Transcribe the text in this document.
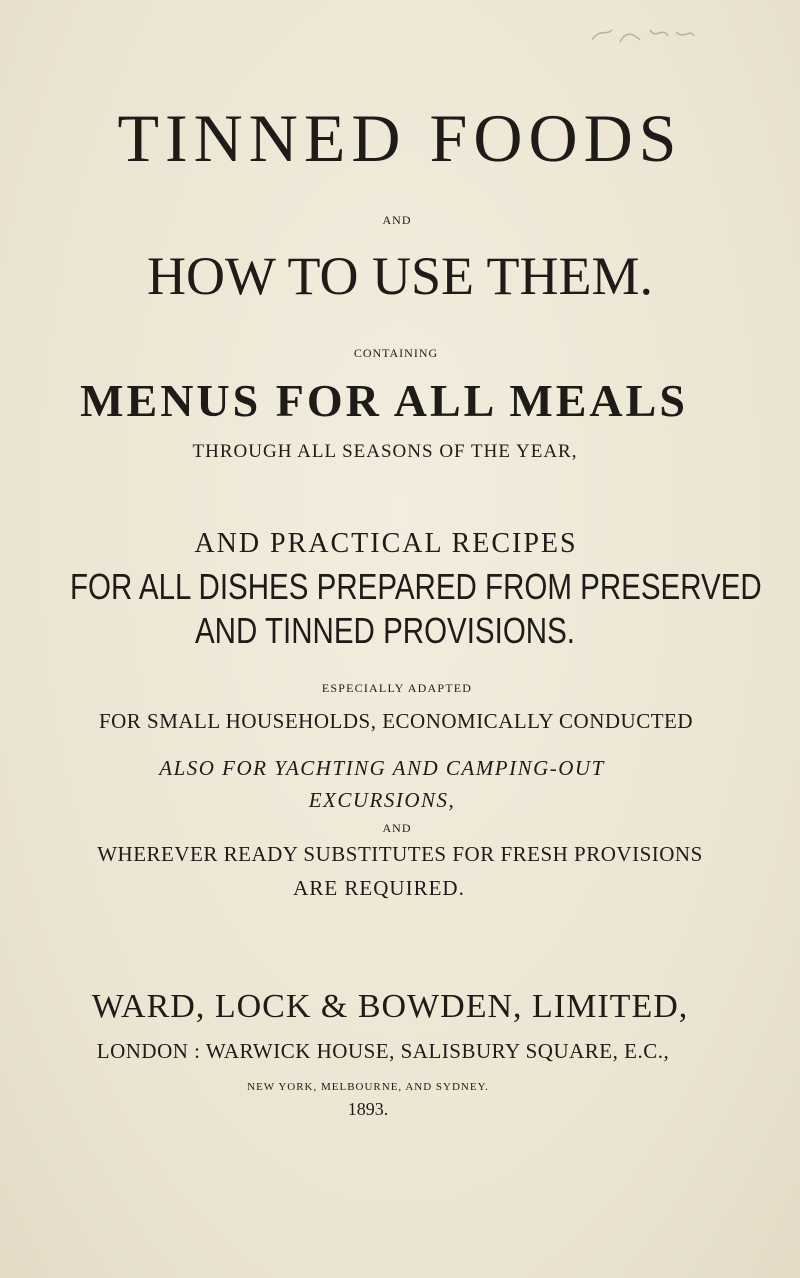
TINNED FOODS

AND

HOW TO USE THEM.

CONTAINING

MENUS FOR ALL MEALS

THROUGH ALL SEASONS OF THE YEAR,

AND PRACTICAL RECIPES

FOR ALL DISHES PREPARED FROM PRESERVED

AND TINNED PROVISIONS.

ESPECIALLY ADAPTED

FOR SMALL HOUSEHOLDS, ECONOMICALLY CONDUCTED

ALSO FOR YACHTING AND CAMPING-OUT

EXCURSIONS,

AND

WHEREVER READY SUBSTITUTES FOR FRESH PROVISIONS

ARE REQUIRED.

WARD, LOCK & BOWDEN, LIMITED,

LONDON : WARWICK HOUSE, SALISBURY SQUARE, E.C.,

NEW YORK, MELBOURNE, AND SYDNEY.

1893.
